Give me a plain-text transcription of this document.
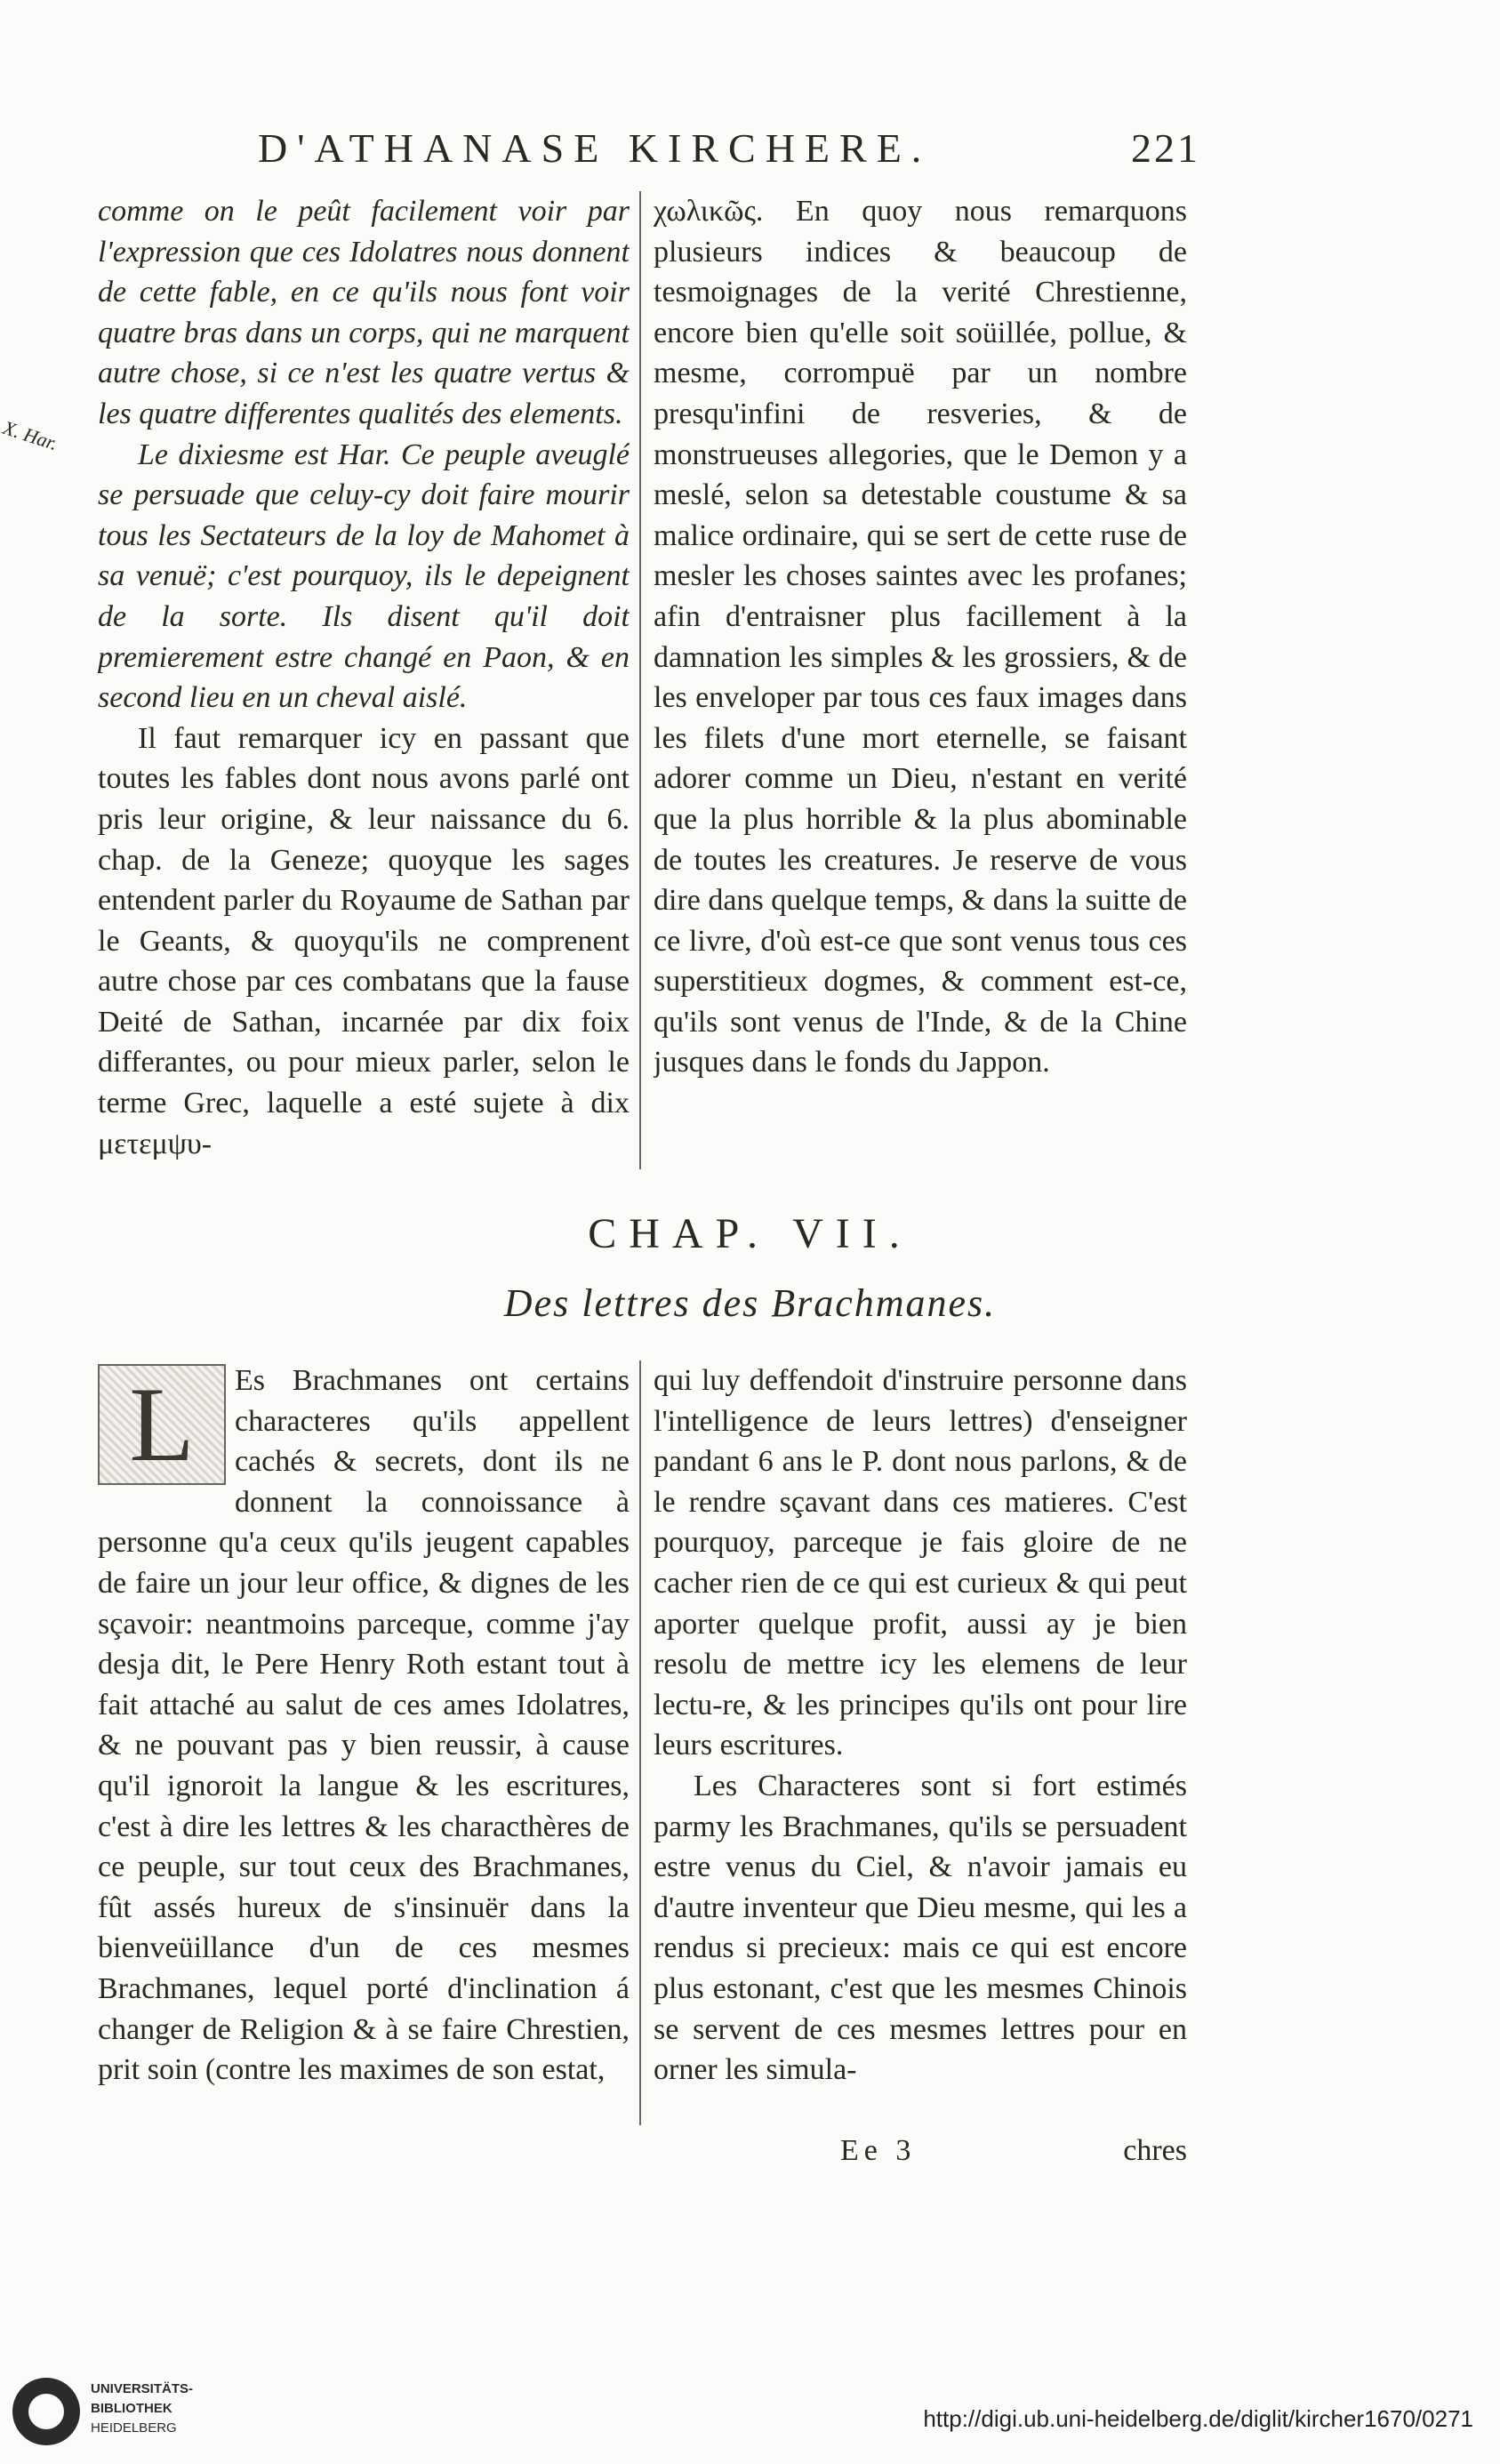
D'ATHANASE KIRCHERE.	221
X. Har.

comme on le peût facilement voir par l'expression que ces Idolatres nous donnent de cette fable, en ce qu'ils nous font voir quatre bras dans un corps, qui ne marquent autre chose, si ce n'est les quatre vertus & les quatre differentes qualités des elements.

Le dixiesme est Har. Ce peuple aveuglé se persuade que celuy-cy doit faire mourir tous les Sectateurs de la loy de Mahomet à sa venuë; c'est pourquoy, ils le depeignent de la sorte. Ils disent qu'il doit premierement estre changé en Paon, & en second lieu en un cheval aislé.

Il faut remarquer icy en passant que toutes les fables dont nous avons parlé ont pris leur origine, & leur naissance du 6. chap. de la Geneze; quoyque les sages entendent parler du Royaume de Sathan par le Geants, & quoyqu'ils ne comprenent autre chose par ces combatans que la fause Deité de Sathan, incarnée par dix foix differantes, ou pour mieux parler, selon le terme Grec, laquelle a esté sujete à dix μετεμψυ-

χωλικῶς. En quoy nous remarquons plusieurs indices & beaucoup de tesmoignages de la verité Chrestienne, encore bien qu'elle soit soüillée, pollue, & mesme, corrompuë par un nombre presqu'infini de resveries, & de monstrueuses allegories, que le Demon y a meslé, selon sa detestable coustume & sa malice ordinaire, qui se sert de cette ruse de mesler les choses saintes avec les profanes; afin d'entraisner plus facillement à la damnation les simples & les grossiers, & de les enveloper par tous ces faux images dans les filets d'une mort eternelle, se faisant adorer comme un Dieu, n'estant en verité que la plus horrible & la plus abominable de toutes les creatures. Je reserve de vous dire dans quelque temps, & dans la suitte de ce livre, d'où est-ce que sont venus tous ces superstitieux dogmes, & comment est-ce, qu'ils sont venus de l'Inde, & de la Chine jusques dans le fonds du Jappon.

CHAP. VII.
Des lettres des Brachmanes.
L	Es Brachmanes ont certains characteres qu'ils appellent cachés & secrets, dont ils ne donnent la connoissance à personne qu'a ceux qu'ils jeugent capables de faire un jour leur office, & dignes de les sçavoir: neantmoins parceque, comme j'ay desja dit, le Pere Henry Roth estant tout à fait attaché au salut de ces ames Idolatres, & ne pouvant pas y bien reussir, à cause qu'il ignoroit la langue & les escritures, c'est à dire les lettres & les characthères de ce peuple, sur tout ceux des Brachmanes, fût assés hureux de s'insinuër dans la bienveüillance d'un de ces mesmes Brachmanes, lequel porté d'inclination á changer de Religion & à se faire Chrestien, prit soin (contre les maximes de son estat,

qui luy deffendoit d'instruire personne dans l'intelligence de leurs lettres) d'enseigner pandant 6 ans le P. dont nous parlons, & de le rendre sçavant dans ces matieres. C'est pourquoy, parceque je fais gloire de ne cacher rien de ce qui est curieux & qui peut aporter quelque profit, aussi ay je bien resolu de mettre icy les elemens de leur lectu-re, & les principes qu'ils ont pour lire leurs escritures.

Les Characteres sont si fort estimés parmy les Brachmanes, qu'ils se persuadent estre venus du Ciel, & n'avoir jamais eu d'autre inventeur que Dieu mesme, qui les a rendus si precieux: mais ce qui est encore plus estonant, c'est que les mesmes Chinois se servent de ces mesmes lettres pour en orner les simula-

Ee 3	chres
UNIVERSITÄTS-
BIBLIOTHEK
HEIDELBERG	http://digi.ub.uni-heidelberg.de/diglit/kircher1670/0271
